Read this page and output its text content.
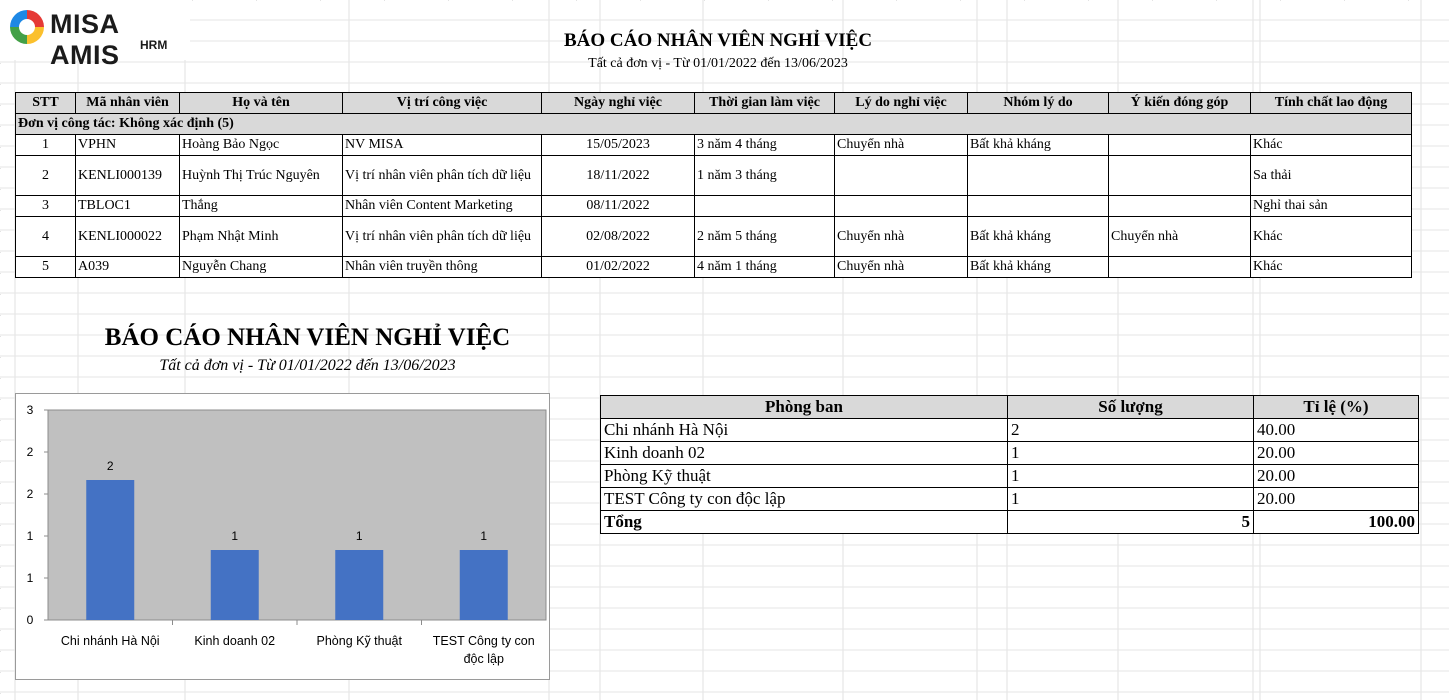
MISA AMIS	HRM	BÁO CÁO NHÂN VIÊN NGHỈ VIỆC
Tất cả đơn vị - Từ 01/01/2022 đến 13/06/2023
STT	Mã nhân viên	Họ và tên	Vị trí công việc	Ngày nghỉ việc	Thời gian làm việc	Lý do nghỉ việc	Nhóm lý do	Ý kiến đóng góp	Tính chất lao động
Đơn vị công tác: Không xác định (5)									
1	VPHN	Hoàng Bảo Ngọc	NV MISA	15/05/2023	3 năm 4 tháng	Chuyển nhà	Bất khả kháng		Khác
2	KENLI000139	Huỳnh Thị Trúc Nguyên	Vị trí nhân viên phân tích dữ liệu	18/11/2022	1 năm 3 tháng				Sa thải
3	TBLOC1	Thắng	Nhân viên Content Marketing	08/11/2022					Nghỉ thai sản
4	KENLI000022	Phạm Nhật Minh	Vị trí nhân viên phân tích dữ liệu	02/08/2022	2 năm 5 tháng	Chuyển nhà	Bất khả kháng	Chuyển nhà	Khác
5	A039	Nguyễn Chang	Nhân viên truyền thông	01/02/2022	4 năm 1 tháng	Chuyển nhà	Bất khả kháng		Khác
BÁO CÁO NHÂN VIÊN NGHỈ VIỆC
Tất cả đơn vị - Từ 01/01/2022 đến 13/06/2023
0
1
1
2
2
3
2
Chi nhánh Hà Nội
1
Kinh doanh 02
1
Phòng Kỹ thuật
1
TEST Công ty con
độc lập
Phòng ban	Số lượng	Tỉ lệ (%)
Chi nhánh Hà Nội	2	40.00
Kinh doanh 02	1	20.00
Phòng Kỹ thuật	1	20.00
TEST Công ty con độc lập	1	20.00
Tổng	5	100.00
